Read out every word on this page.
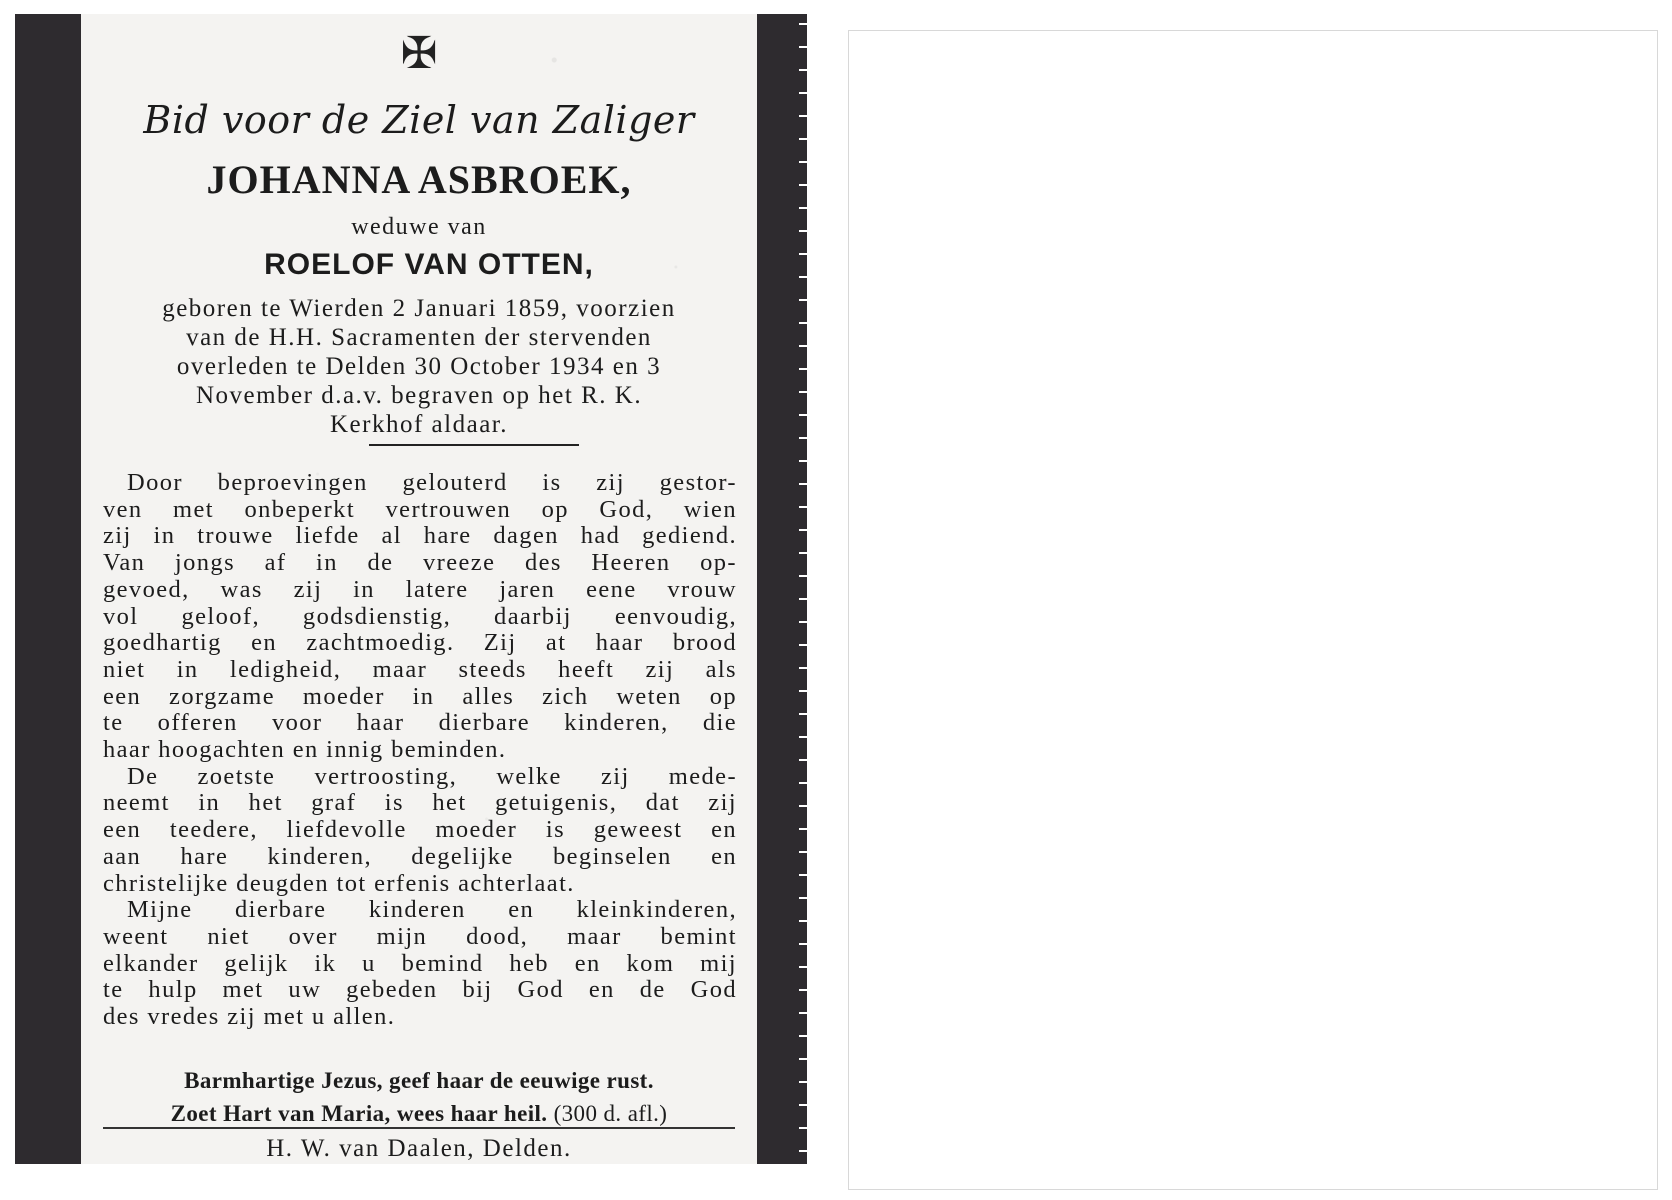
✠
Bid voor de Ziel van Zaliger
JOHANNA ASBROEK,
weduwe van
ROELOF VAN OTTEN,
geboren te Wierden 2 Januari 1859, voorzien
van de H.H. Sacramenten der stervenden
overleden te Delden 30 October 1934 en 3
November d.a.v. begraven op het R. K.
Kerkhof aldaar.
Door beproevingen gelouterd is zij gestor-
ven met onbeperkt vertrouwen op God, wien
zij in trouwe liefde al hare dagen had gediend.
Van jongs af in de vreeze des Heeren op-
gevoed, was zij in latere jaren eene vrouw
vol geloof, godsdienstig, daarbij eenvoudig,
goedhartig en zachtmoedig. Zij at haar brood
niet in ledigheid, maar steeds heeft zij als
een zorgzame moeder in alles zich weten op
te offeren voor haar dierbare kinderen, die
haar hoogachten en innig beminden.
De zoetste vertroosting, welke zij mede-
neemt in het graf is het getuigenis, dat zij
een teedere, liefdevolle moeder is geweest en
aan hare kinderen, degelijke beginselen en
christelijke deugden tot erfenis achterlaat.
Mijne dierbare kinderen en kleinkinderen,
weent niet over mijn dood, maar bemint
elkander gelijk ik u bemind heb en kom mij
te hulp met uw gebeden bij God en de God
des vredes zij met u allen.
Barmhartige Jezus, geef haar de eeuwige rust.
Zoet Hart van Maria, wees haar heil. (300 d. afl.)
H. W. van Daalen, Delden.
